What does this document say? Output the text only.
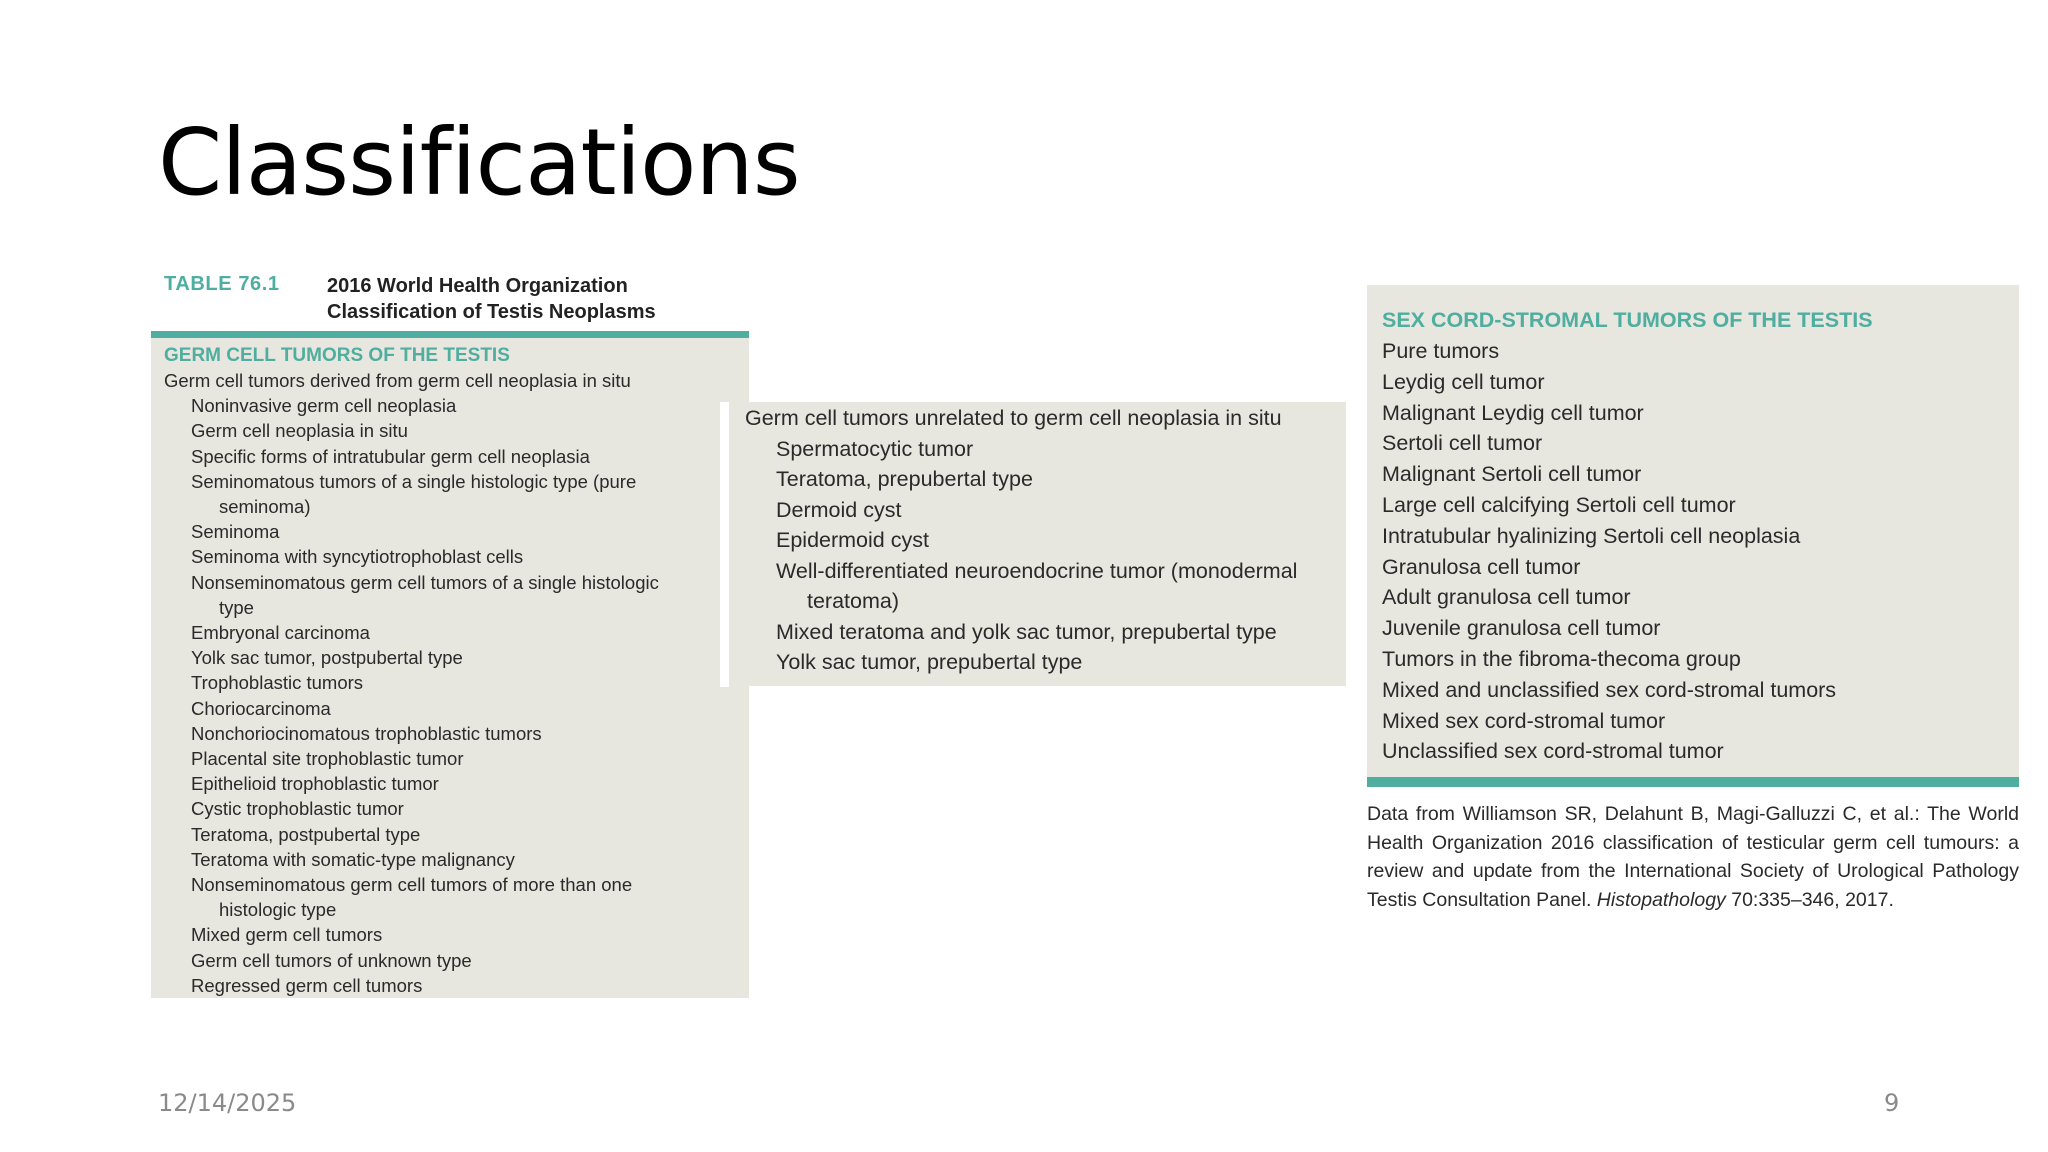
Classifications
TABLE 76.1 2016 World Health Organization
Classification of Testis Neoplasms

GERM CELL TUMORS OF THE TESTIS

Germ cell tumors derived from germ cell neoplasia in situ
Noninvasive germ cell neoplasia
Germ cell neoplasia in situ
Specific forms of intratubular germ cell neoplasia
Seminomatous tumors of a single histologic type (pure
seminoma)
Seminoma
Seminoma with syncytiotrophoblast cells
Nonseminomatous germ cell tumors of a single histologic
type
Embryonal carcinoma
Yolk sac tumor, postpubertal type
Trophoblastic tumors
Choriocarcinoma
Nonchoriocinomatous trophoblastic tumors
Placental site trophoblastic tumor
Epithelioid trophoblastic tumor
Cystic trophoblastic tumor
Teratoma, postpubertal type
Teratoma with somatic-type malignancy
Nonseminomatous germ cell tumors of more than one
histologic type
Mixed germ cell tumors
Germ cell tumors of unknown type
Regressed germ cell tumors
Germ cell tumors unrelated to germ cell neoplasia in situ
Spermatocytic tumor
Teratoma, prepubertal type
Dermoid cyst
Epidermoid cyst
Well-differentiated neuroendocrine tumor (monodermal
teratoma)
Mixed teratoma and yolk sac tumor, prepubertal type
Yolk sac tumor, prepubertal type

SEX CORD-STROMAL TUMORS OF THE TESTIS

Pure tumors
Leydig cell tumor
Malignant Leydig cell tumor
Sertoli cell tumor
Malignant Sertoli cell tumor
Large cell calcifying Sertoli cell tumor
Intratubular hyalinizing Sertoli cell neoplasia
Granulosa cell tumor
Adult granulosa cell tumor
Juvenile granulosa cell tumor
Tumors in the fibroma-thecoma group
Mixed and unclassified sex cord-stromal tumors
Mixed sex cord-stromal tumor
Unclassified sex cord-stromal tumor
Data from Williamson SR, Delahunt B, Magi-Galluzzi C, et al.: The World Health Organization 2016 classification of testicular germ cell tumours: a review and update from the International Society of Urological Pathology Testis Consultation Panel. Histopathology 70:335–346, 2017.
12/14/2025	9
